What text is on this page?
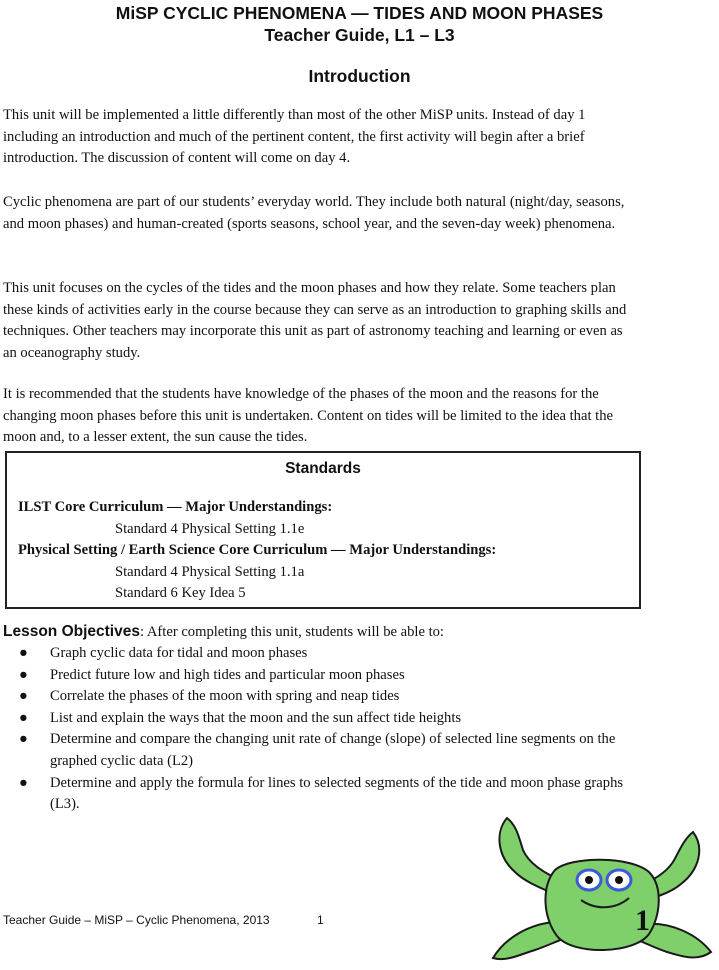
MiSP CYCLIC PHENOMENA — TIDES AND MOON PHASES
Teacher Guide, L1 – L3
Introduction

This unit will be implemented a little differently than most of the other MiSP units. Instead of day 1 including an introduction and much of the pertinent content, the first activity will begin after a brief introduction. The discussion of content will come on day 4.

Cyclic phenomena are part of our students’ everyday world. They include both natural (night/day, seasons, and moon phases) and human-created (sports seasons, school year, and the seven-day week) phenomena.

This unit focuses on the cycles of the tides and the moon phases and how they relate. Some teachers plan these kinds of activities early in the course because they can serve as an introduction to graphing skills and techniques. Other teachers may incorporate this unit as part of astronomy teaching and learning or even as an oceanography study.

It is recommended that the students have knowledge of the phases of the moon and the reasons for the changing moon phases before this unit is undertaken. Content on tides will be limited to the idea that the moon and, to a lesser extent, the sun cause the tides.

Standards
ILST Core Curriculum — Major Understandings:
Standard 4 Physical Setting 1.1e
Physical Setting / Earth Science Core Curriculum — Major Understandings:
Standard 4 Physical Setting 1.1a
Standard 6 Key Idea 5
Lesson Objectives: After completing this unit, students will be able to:
● Graph cyclic data for tidal and moon phases
● Predict future low and high tides and particular moon phases
● Correlate the phases of the moon with spring and neap tides
● List and explain the ways that the moon and the sun affect tide heights
● Determine and compare the changing unit rate of change (slope) of selected line segments on the graphed cyclic data (L2)
● Determine and apply the formula for lines to selected segments of the tide and moon phase graphs (L3).
Teacher Guide – MiSP – Cyclic Phenomena, 2013	1	1
